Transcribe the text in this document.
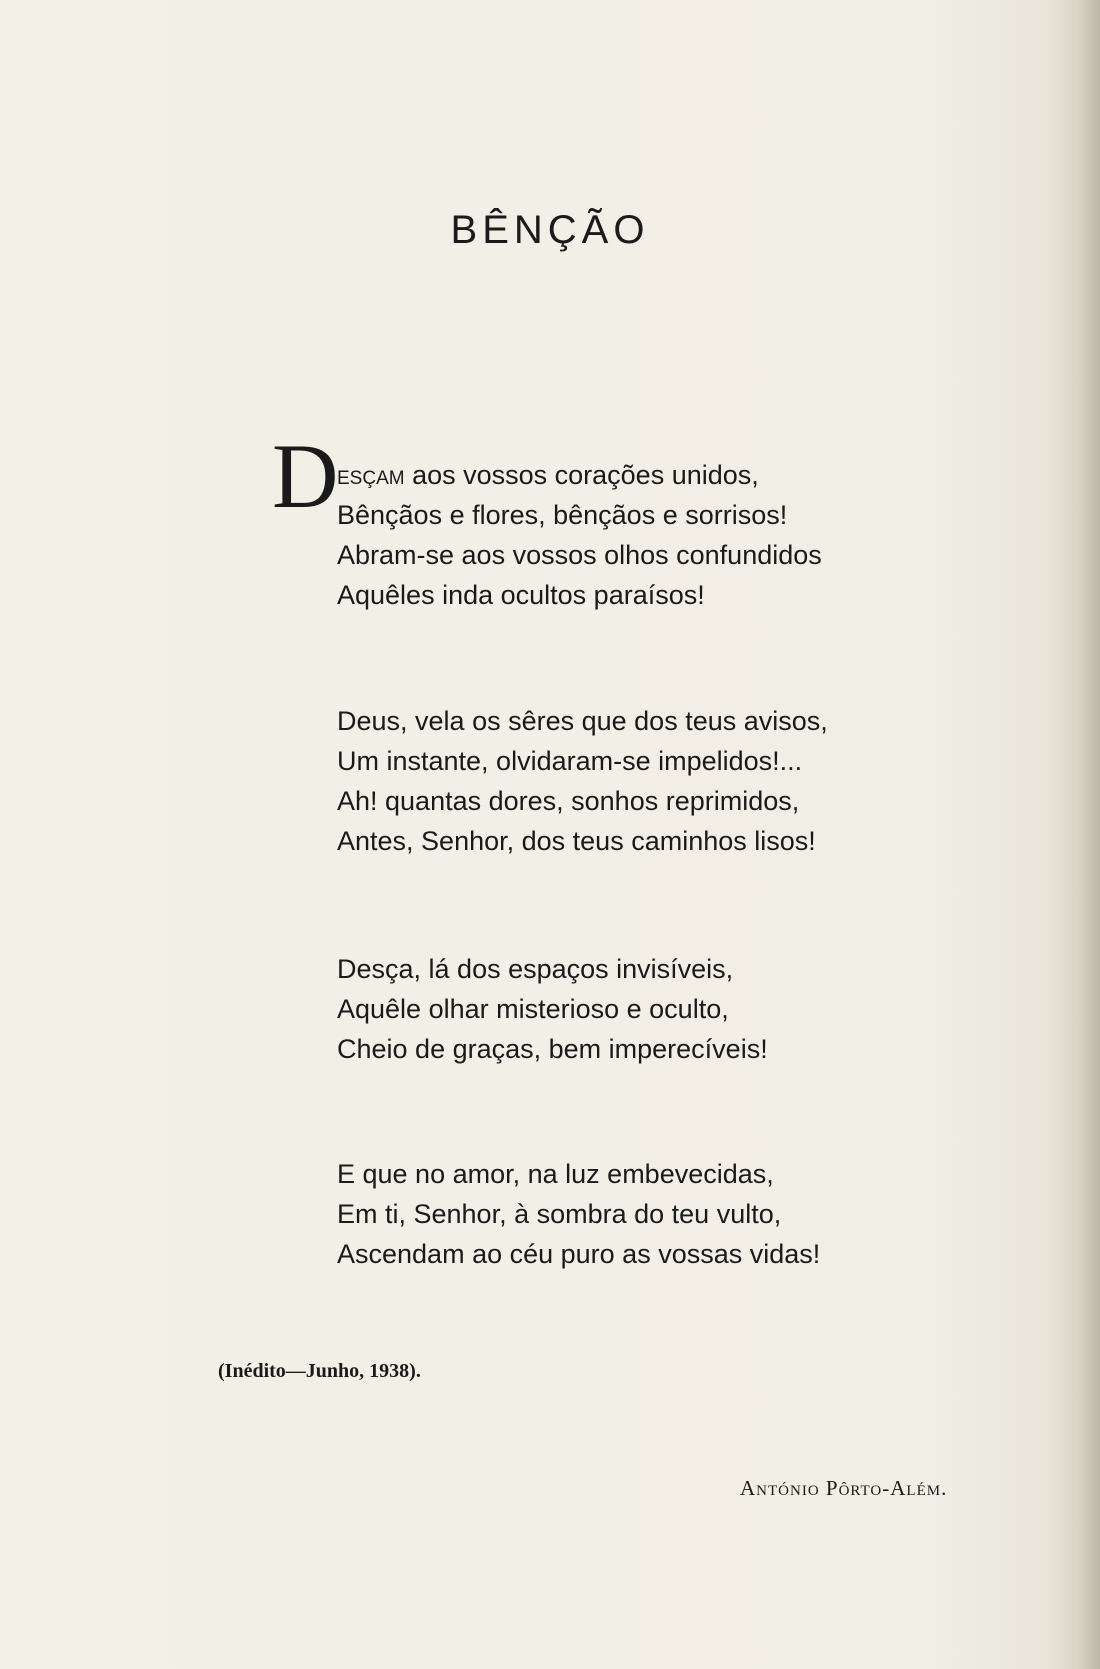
BÊNÇÃO
D
esçam aos vossos corações unidos,
Bênçãos e flores, bênçãos e sorrisos!
Abram-se aos vossos olhos confundidos
Aquêles inda ocultos paraísos!
Deus, vela os sêres que dos teus avisos,
Um instante, olvidaram-se impelidos!...
Ah! quantas dores, sonhos reprimidos,
Antes, Senhor, dos teus caminhos lisos!
Desça, lá dos espaços invisíveis,
Aquêle olhar misterioso e oculto,
Cheio de graças, bem imperecíveis!
E que no amor, na luz embevecidas,
Em ti, Senhor, à sombra do teu vulto,
Ascendam ao céu puro as vossas vidas!
(Inédito—Junho, 1938).
António Pôrto-Além.
